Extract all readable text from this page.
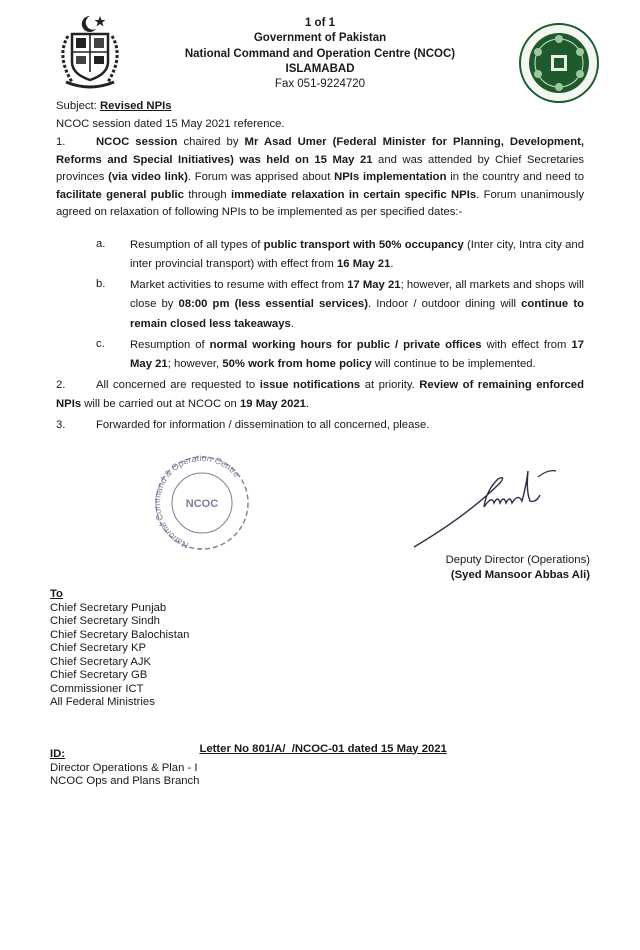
1 of 1
Government of Pakistan
National Command and Operation Centre (NCOC)
ISLAMABAD
Fax 051-9224720
Subject: Revised NPIs
NCOC session dated 15 May 2021 reference.
1.	NCOC session chaired by Mr Asad Umer (Federal Minister for Planning, Development, Reforms and Special Initiatives) was held on 15 May 21 and was attended by Chief Secretaries provinces (via video link). Forum was apprised about NPIs implementation in the country and need to facilitate general public through immediate relaxation in certain specific NPIs. Forum unanimously agreed on relaxation of following NPIs to be implemented as per specified dates:-
a. Resumption of all types of public transport with 50% occupancy (Inter city, Intra city and inter provincial transport) with effect from 16 May 21.
b. Market activities to resume with effect from 17 May 21; however, all markets and shops will close by 08:00 pm (less essential services). Indoor / outdoor dining will continue to remain closed less takeaways.
c. Resumption of normal working hours for public / private offices with effect from 17 May 21; however, 50% work from home policy will continue to be implemented.
2.	All concerned are requested to issue notifications at priority. Review of remaining enforced NPIs will be carried out at NCOC on 19 May 2021.
3.	Forwarded for information / dissemination to all concerned, please.
National Command & Operation Centre
NCOC
Deputy Director (Operations)
(Syed Mansoor Abbas Ali)
To
Chief Secretary Punjab
Chief Secretary Sindh
Chief Secretary Balochistan
Chief Secretary KP
Chief Secretary AJK
Chief Secretary GB
Commissioner ICT
All Federal Ministries

Letter No 801/A/  /NCOC-01 dated 15 May 2021

ID:
Director Operations & Plan - I
NCOC Ops and Plans Branch
